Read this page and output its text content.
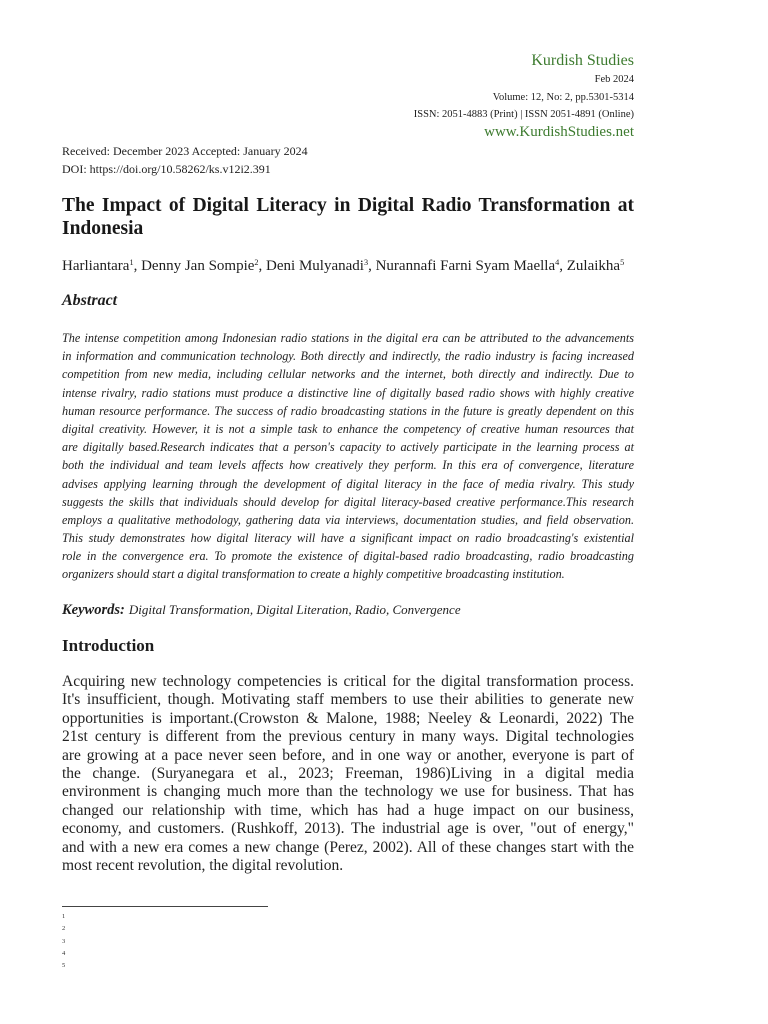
Kurdish Studies
Feb 2024
Volume: 12, No: 2, pp.5301-5314
ISSN: 2051-4883 (Print) | ISSN 2051-4891 (Online)
www.KurdishStudies.net
Received: December 2023 Accepted: January 2024
DOI: https://doi.org/10.58262/ks.v12i2.391
The Impact of Digital Literacy in Digital Radio Transformation at Indonesia
Harliantara$^1$, Denny Jan Sompie$^2$, Deni Mulyanadi$^3$, Nurannafi Farni Syam Maella$^4$, Zulaikha$^5$
Abstract
The intense competition among Indonesian radio stations in the digital era can be attributed to the advancements
in information and communication technology. Both directly and indirectly, the radio industry is facing increased
competition from new media, including cellular networks and the internet, both directly and indirectly. Due to
intense rivalry, radio stations must produce a distinctive line of digitally based radio shows with highly creative
human resource performance. The success of radio broadcasting stations in the future is greatly dependent on this
digital creativity. However, it is not a simple task to enhance the competency of creative human resources that
are digitally based.Research indicates that a person's capacity to actively participate in the learning process at
both the individual and team levels affects how creatively they perform. In this era of convergence, literature
advises applying learning through the development of digital literacy in the face of media rivalry. This study
suggests the skills that individuals should develop for digital literacy-based creative performance.This research
employs a qualitative methodology, gathering data via interviews, documentation studies, and field observation.
This study demonstrates how digital literacy will have a significant impact on radio broadcasting's existential
role in the convergence era. To promote the existence of digital-based radio broadcasting, radio broadcasting
organizers should start a digital transformation to create a highly competitive broadcasting institution.
Keywords: Digital Transformation, Digital Literation, Radio, Convergence
Introduction
Acquiring new technology competencies is critical for the digital transformation process.
It's insufficient, though. Motivating staff members to use their abilities to generate new
opportunities is important.(Crowston & Malone, 1988; Neeley & Leonardi, 2022) The
21st century is different from the previous century in many ways. Digital technologies
are growing at a pace never seen before, and in one way or another, everyone is part of
the change. (Suryanegara et al., 2023; Freeman, 1986)Living in a digital media
environment is changing much more than the technology we use for business. That has
changed our relationship with time, which has had a huge impact on our business,
economy, and customers. (Rushkoff, 2013). The industrial age is over, "out of energy,"
and with a new era comes a new change (Perez, 2002). All of these changes start with the
most recent revolution, the digital revolution.
1
2
3
4
5
